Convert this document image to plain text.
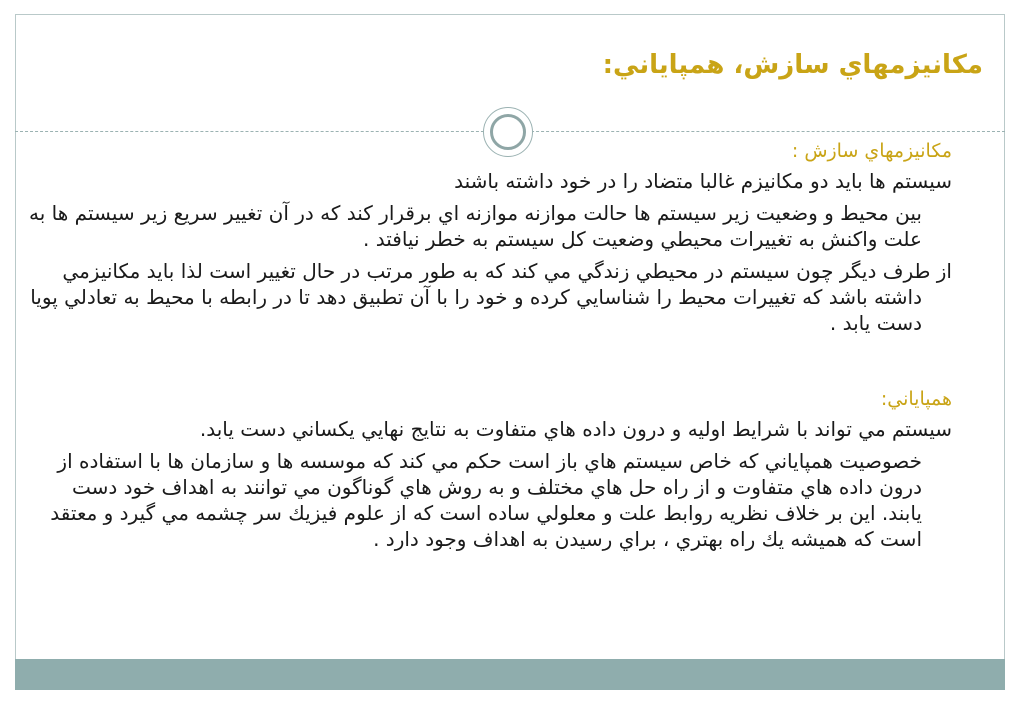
مكانيزمهاي سازش، همپاياني:
مكانيزمهاي سازش :
سيستم ها بايد دو مكانيزم غالبا متضاد را در خود داشته باشند
بين محيط و وضعيت زير سيستم ها حالت موازنه موازنه اي برقرار كند كه در آن تغيير سريع زير سيستم ها به علت واكنش به تغييرات محيطي وضعيت كل سيستم به خطر نيافتد .
از طرف ديگر چون سيستم در محيطي زندگي مي كند كه به طور مرتب در حال تغيير است لذا بايد مكانيزمي داشته باشد كه تغييرات محيط را شناسايي كرده و خود را با آن تطبيق دهد تا در رابطه با محيط به تعادلي پويا دست يابد .
همپاياني:
سيستم مي تواند با شرايط اوليه و درون داده هاي متفاوت به نتايج نهايي يكساني دست يابد.
خصوصيت همپاياني كه خاص سيستم هاي باز است حكم مي كند كه موسسه ها و سازمان ها با استفاده از درون داده هاي متفاوت و از راه حل هاي مختلف و به روش هاي گوناگون مي توانند به اهداف خود دست يابند. اين بر خلاف نظريه روابط علت و معلولي ساده است كه از علوم فيزيك سر چشمه مي گيرد و معتقد است كه هميشه يك راه بهتري ، براي رسيدن به اهداف وجود دارد .
